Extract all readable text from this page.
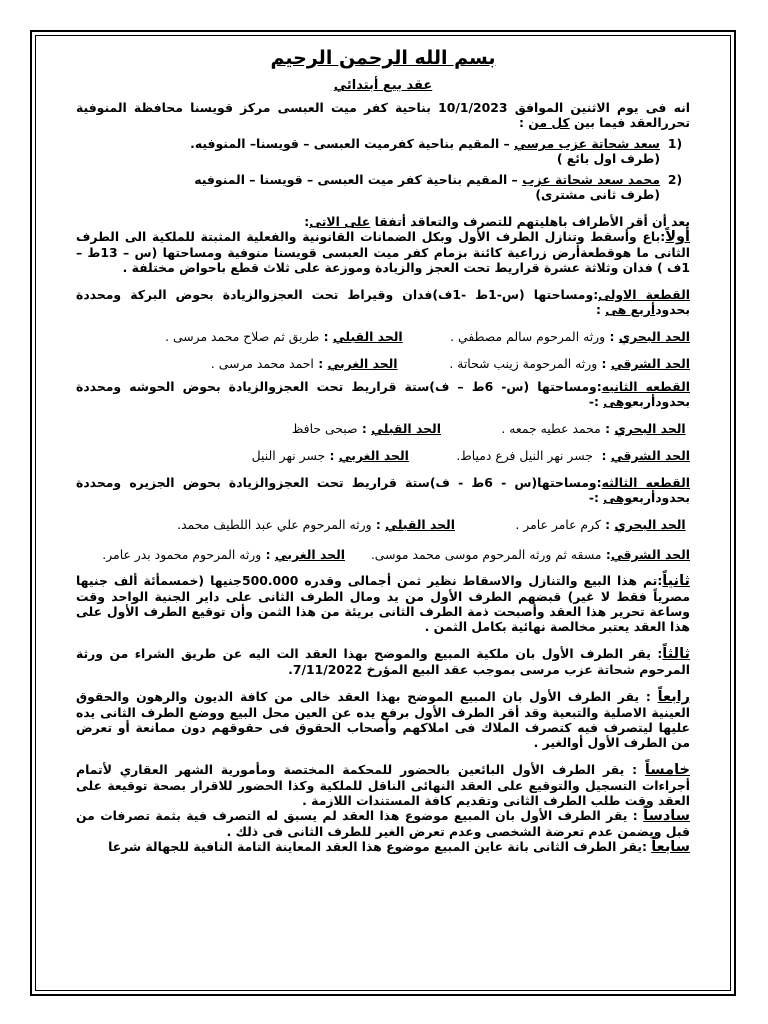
بسم الله الرحمن الرحيم
عقد بيع أبتدائي

انه فى يوم الاثنين الموافق 10/1/2023 بناحية كفر ميت العبسى مركز قويسنا محافظة المنوفية تحررالعقد فيما بين كل من :

(1
سعد شحاتة عزب مرسي – المقيم بناحية كفرميت العبسى – قويسنا– المنوفيه.
(طرف اول بائع )
(2
محمد سعد شحاتة عزب – المقيم بناحية كفر ميت العبسى – قويسنا – المنوفيه
(طرف ثانى مشترى)

بعد أن أقر الأطراف باهليتهم للتصرف والتعاقد أتفقا على الاتى:

أولاً:باع وأسقط وتنازل الطرف الأول وبكل الضمانات القانونية والفعلية المثبتة للملكية الى الطرف الثانى ما هوقطعةأرض زراعية كائنة بزمام كفر ميت العبسى قويسنا منوفية ومساحتها (س – 13ط – 1ف ) فدان وثلاثة عشرة قراريط تحت العجز والزيادة وموزعة على ثلاث قطع باحواض مختلفة .

القطعة الاولى:ومساحتها (س-1ط -1ف)فدان وقيراط تحت العجزوالزيادة بحوض البركة ومحددة بحدودأربع هى :

الحد البحري : ورثه المرحوم سالم مصطفي .           الحد القبلي : طريق ثم صلاح محمد مرسى .

الحد الشرقي : ورثه المرحومة زينب شحاتة .            الحد الغربي : احمد محمد مرسى .

القطعه الثانيه:ومساحتها (س- 6ط – ف)ستة قراريط تحت العجزوالزيادة بحوض الحوشه ومحددة بحدودأربعوهى :-

الحد البحري : محمد عطيه جمعه .              الحد القبلي : صبحى حافظ

الحد الشرقي :  جسر نهر النيل فرع دمياط.           الحد الغربي : جسر نهر النيل

القطعه الثالثه:ومساحتها(س - 6ط - ف)ستة قراريط تحت العجزوالزيادة بحوض الجزيره ومحددة بحدودأربعوهى :-

الحد البحري : كرم عامر عامر .              الحد القبلي : ورثه المرحوم علي عبد اللطيف محمد.

الحد الشرقي: مسقه ثم ورثه المرحوم موسى محمد موسى.      الحد الغربي : ورثه المرحوم محمود بدر عامر.

ثانياً:تم هذا البيع والتنازل والاسقاط نظير ثمن أجمالى وقدره 500.000جنيها (خمسمأئة ألف جنيها مصرياً فقط لا غير) قبضهم الطرف الأول من يد ومال الطرف الثانى على داير الجنية الواحد وقت وساعة تحرير هذا العقد وأصبحت ذمة الطرف الثانى بريئة من هذا الثمن وأن توقيع الطرف الأول على هذا العقد يعتبر مخالصة نهائية بكامل الثمن .

ثالثاً: يقر الطرف الأول بان ملكية المبيع والموضح بهذا العقد الت اليه عن طريق الشراء من ورثة المرحوم شحاتة عزب مرسى بموجب عقد البيع المؤرخ 7/11/2022.

رابعاً : يقر الطرف الأول بان المبيع الموضح بهذا العقد خالى من كافة الديون والرهون والحقوق العينية الاصلية والتبعية وقد أقر الطرف الأول برفع يده عن العين محل البيع ووضع الطرف الثانى يده عليها ليتصرف فيه كتصرف الملاك فى املاكهم وأصحاب الحقوق فى حقوقهم دون ممانعة أو تعرض من الطرف الأول أوالغير .

خامساً : يقر الطرف الأول البائعين بالحضور للمحكمة المختصة ومأمورية الشهر العقاري لأتمام أجراءات التسجيل والتوقيع على العقد النهائى الناقل للملكية وكذا الحضور للاقرار بصحة توقيعة على العقد وقت طلب الطرف الثانى وتقديم كافة المستندات اللازمة .

سادساً : يقر الطرف الأول بان المبيع موضوع هذا العقد لم يسبق له التصرف فية بثمة تصرفات من قبل ويضمن عدم تعرضة الشخصى وعدم تعرض الغير للطرف الثانى فى ذلك .

سابعاً :يقر الطرف الثانى بانة عاين المبيع موضوع هذا العقد المعاينة التامة النافية للجهالة شرعا
